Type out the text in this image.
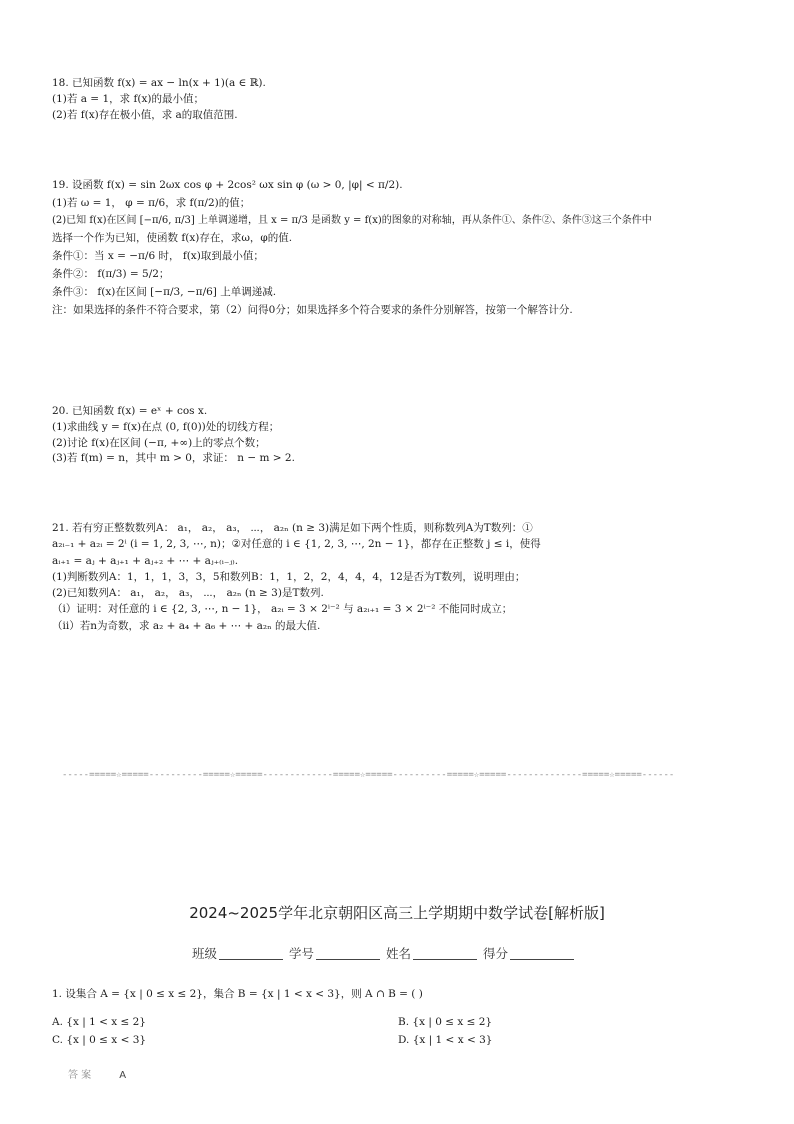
18. 已知函数 f(x) = ax − ln(x + 1)(a ∈ ℝ).
(1)若 a = 1，求 f(x)的最小值；
(2)若 f(x)存在极小值，求 a的取值范围.
19. 设函数 f(x) = sin 2ωx cos φ + 2cos² ωx sin φ (ω > 0, |φ| < π/2).
(1)若 ω = 1， φ = π/6，求 f(π/2)的值；
(2)已知 f(x)在区间 [−π/6, π/3] 上单调递增，且 x = π/3 是函数 y = f(x)的图象的对称轴，再从条件①、条件②、条件③这三个条件中
选择一个作为已知，使函数 f(x)存在，求ω，φ的值.
条件①：当 x = −π/6 时， f(x)取到最小值；
条件②： f(π/3) = 5/2；
条件③： f(x)在区间 [−π/3, −π/6] 上单调递减.
注：如果选择的条件不符合要求，第（2）问得0分；如果选择多个符合要求的条件分别解答，按第一个解答计分.
20. 已知函数 f(x) = eˣ + cos x.
(1)求曲线 y = f(x)在点 (0, f(0))处的切线方程；
(2)讨论 f(x)在区间 (−π, +∞)上的零点个数；
(3)若 f(m) = n，其中 m > 0，求证： n − m > 2.
21. 若有穷正整数数列A： a₁， a₂， a₃， ⋯， a₂ₙ (n ≥ 3)满足如下两个性质，则称数列A为T数列：①
a₂ᵢ₋₁ + a₂ᵢ = 2ⁱ (i = 1, 2, 3, ⋯, n)；②对任意的 i ∈ {1, 2, 3, ⋯, 2n − 1}，都存在正整数 j ≤ i，使得
aᵢ₊₁ = aⱼ + aⱼ₊₁ + aⱼ₊₂ + ⋯ + aⱼ₊₍ᵢ₋ⱼ₎.
(1)判断数列A：1，1，1，3，3，5和数列B：1，1，2，2，4，4，4，12是否为T数列，说明理由；
(2)已知数列A： a₁， a₂， a₃， ⋯， a₂ₙ (n ≥ 3)是T数列.
（i）证明：对任意的 i ∈ {2, 3, ⋯, n − 1}， a₂ᵢ = 3 × 2ⁱ⁻² 与 a₂ᵢ₊₁ = 3 × 2ⁱ⁻² 不能同时成立；
（ii）若n为奇数，求 a₂ + a₄ + a₆ + ⋯ + a₂ₙ 的最大值.
-----=====☆=====----------=====☆=====-------------=====☆=====----------=====☆=====--------------=====☆=====------
2024~2025学年北京朝阳区高三上学期期中数学试卷[解析版]
班级	学号	姓名	得分
1. 设集合 A = {x | 0 ≤ x ≤ 2}，集合 B = {x | 1 < x < 3}，则 A ∩ B = ( )
A. {x | 1 < x ≤ 2}	B. {x | 0 ≤ x ≤ 2}
C. {x | 0 ≤ x < 3}	D. {x | 1 < x < 3}
答 案	A
